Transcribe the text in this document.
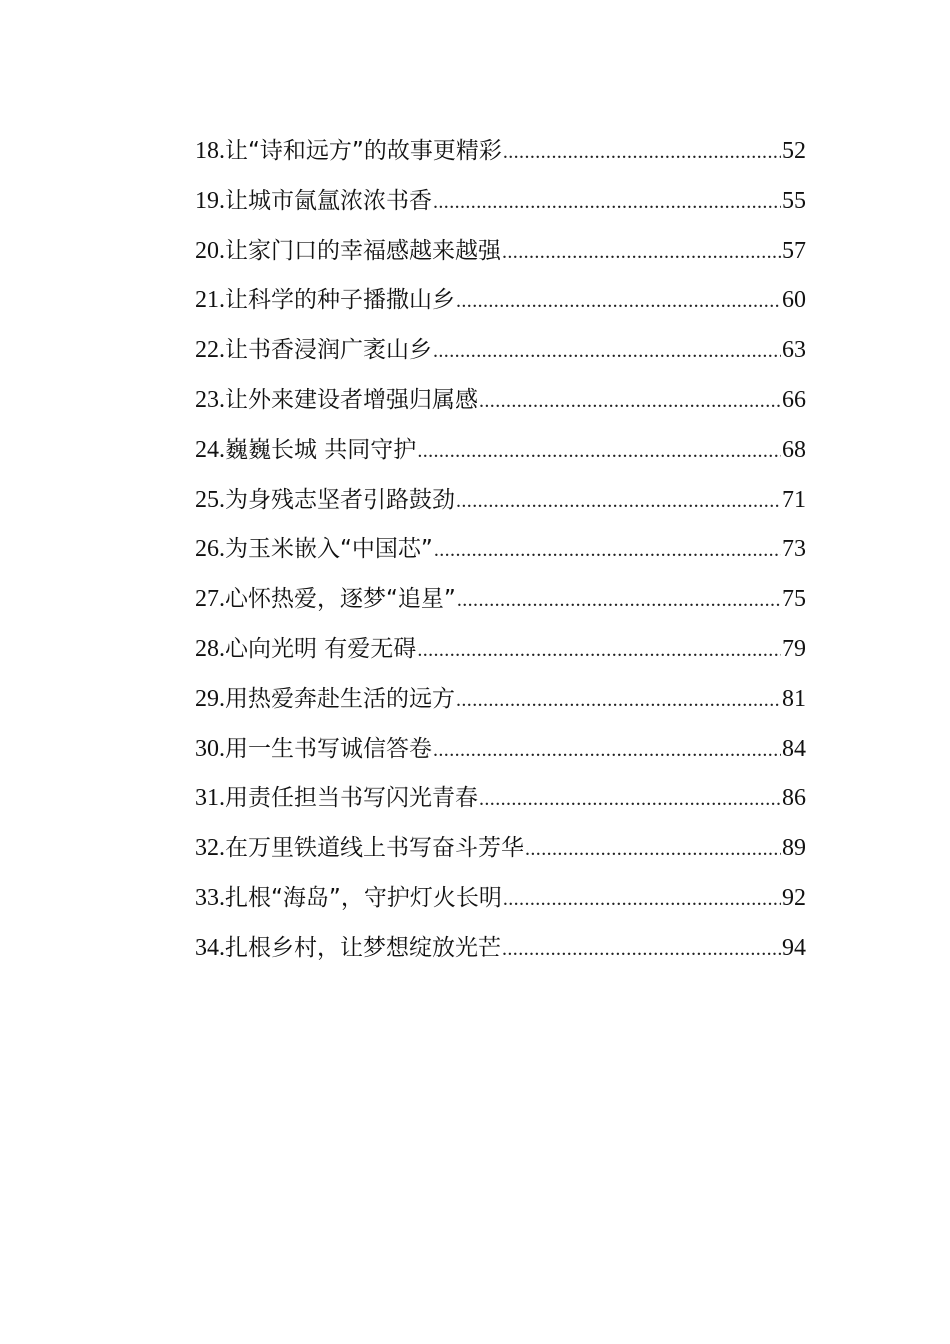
18. 让“诗和远方”的故事更精彩 .....	52
19. 让城市氤氲浓浓书香 .....	55
20. 让家门口的幸福感越来越强 .....	57
21. 让科学的种子播撒山乡 .....	60
22. 让书香浸润广袤山乡 .....	63
23. 让外来建设者增强归属感 .....	66
24. 巍巍长城 共同守护 .....	68
25. 为身残志坚者引路鼓劲 .....	71
26. 为玉米嵌入“中国芯” .....	73
27. 心怀热爱，逐梦“追星” .....	75
28. 心向光明 有爱无碍 .....	79
29. 用热爱奔赴生活的远方 .....	81
30. 用一生书写诚信答卷 .....	84
31. 用责任担当书写闪光青春 .....	86
32. 在万里铁道线上书写奋斗芳华 .....	89
33. 扎根“海岛”，守护灯火长明 .....	92
34. 扎根乡村，让梦想绽放光芒 .....	94
